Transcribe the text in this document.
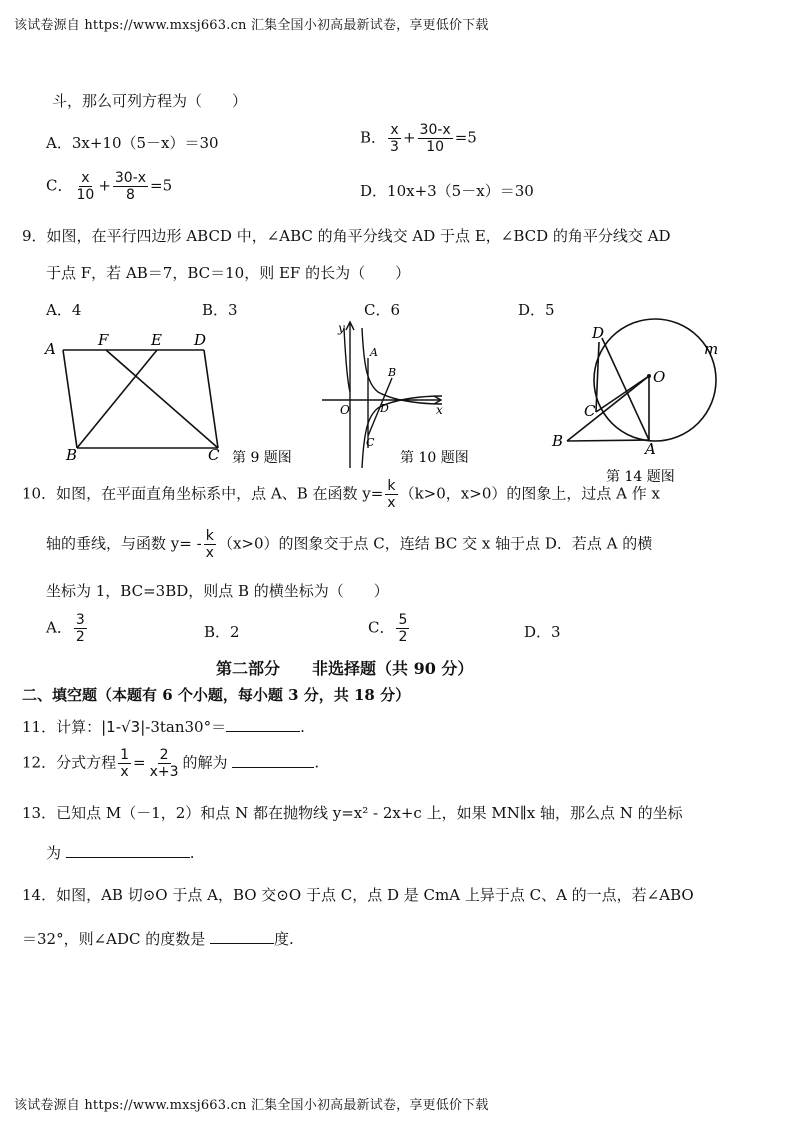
该试卷源自 https://www.mxsj663.cn 汇集全国小初高最新试卷，享更低价下载
斗，那么可列方程为（　　）
A．3x+10（5－x）＝30	B． $\frac{x}{3} + \frac{30-x}{10} =5$
C． $\frac{x}{10} + \frac{30-x}{8} =5$	D．10x+3（5－x）＝30
9．如图，在平行四边形 ABCD 中，∠ABC 的角平分线交 AD 于点 E，∠BCD 的角平分线交 AD
于点 F，若 AB＝7，BC＝10，则 EF 的长为（　　）
A．4	B．3	C．6	D．5
A	F	E D
B	C 第 9 题图
y
x
O
A
B
C
D
第 10 题图
D
m
O
C
B	A
第 14 题图
10．如图，在平面直角坐标系中，点 A、B 在函数 $y= \frac{k}{x} (k>0$，x>0）的图象上，过点 A 作 x
轴的垂线，与函数 $y= - \frac{k}{x} (x>0)$的图象交于点 C，连结 BC 交 x 轴于点 D．若点 A 的横
坐标为 1，BC=3BD，则点 B 的横坐标为（　　）
A． $\frac{3}{2}$	B．2	C． $\frac{5}{2}$	D．3
第二部分　　非选择题（共 90 分）
二、填空题（本题有 6 个小题，每小题 3 分，共 18 分）
11．计算：|1-√3|-3tan30°＝	.
12．分式方程 $\frac{1}{x} = \frac{2}{x+3}$ 的解为	.
13．已知点 M（－1，2）和点 N 都在抛物线 y=x² - 2x+c 上，如果 MN∥x 轴，那么点 N 的坐标
为	.
14．如图，AB 切⊙O 于点 A，BO 交⊙O 于点 C，点 D 是 CmA 上异于点 C、A 的一点，若∠ABO
＝32°，则∠ADC 的度数是	度.
该试卷源自 https://www.mxsj663.cn 汇集全国小初高最新试卷，享更低价下载
